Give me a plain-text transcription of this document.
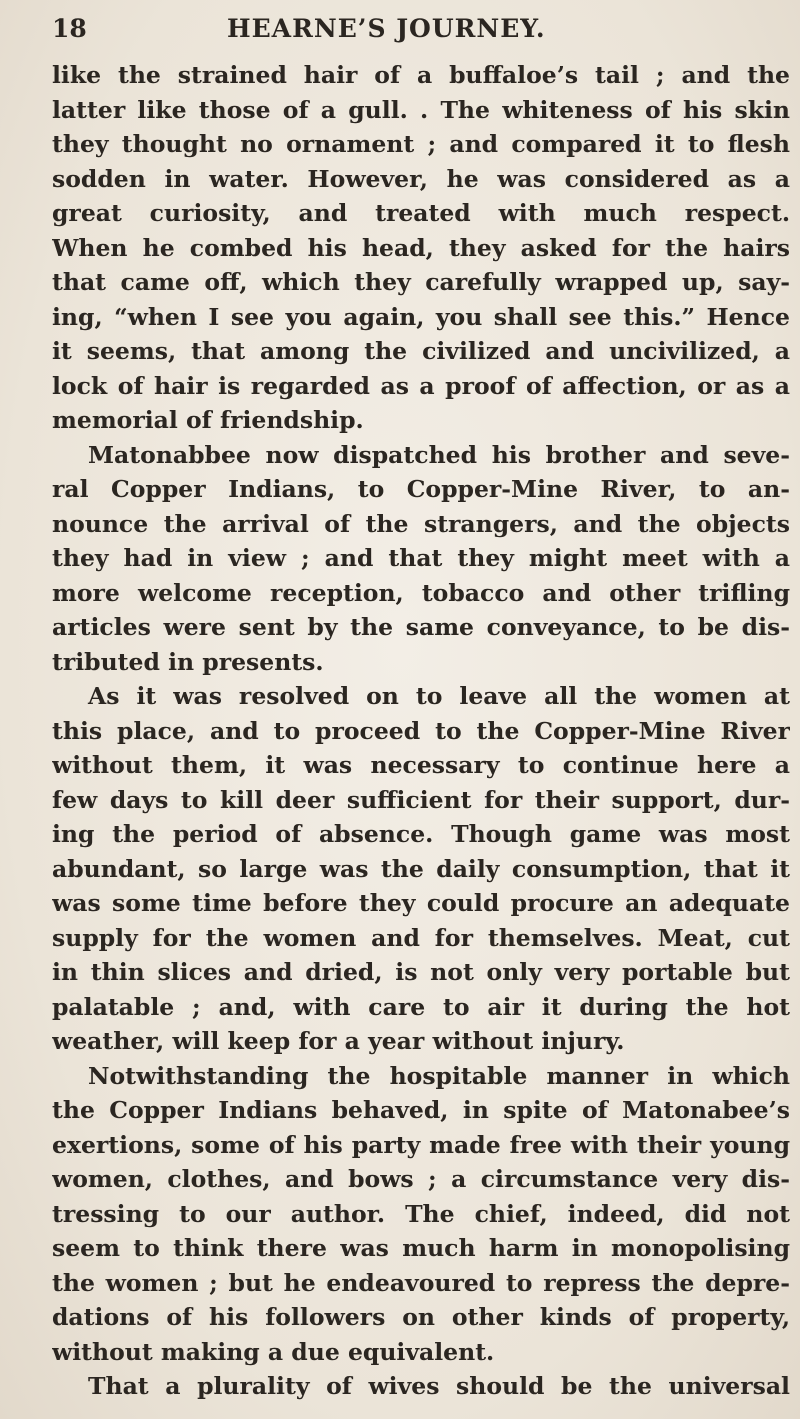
18	HEARNE’S JOURNEY.
like the strained hair of a buffaloe’s tail ; and the
latter like those of a gull. . The whiteness of his skin
they thought no ornament ; and compared it to flesh
sodden in water. However, he was considered as a
great curiosity, and treated with much respect.
When he combed his head, they asked for the hairs
that came off, which they carefully wrapped up, say-
ing, “when I see you again, you shall see this.” Hence
it seems, that among the civilized and uncivilized, a
lock of hair is regarded as a proof of affection, or as a
memorial of friendship.
Matonabbee now dispatched his brother and seve-
ral Copper Indians, to Copper-Mine River, to an-
nounce the arrival of the strangers, and the objects
they had in view ; and that they might meet with a
more welcome reception, tobacco and other trifling
articles were sent by the same conveyance, to be dis-
tributed in presents.
As it was resolved on to leave all the women at
this place, and to proceed to the Copper-Mine River
without them, it was necessary to continue here a
few days to kill deer sufficient for their support, dur-
ing the period of absence. Though game was most
abundant, so large was the daily consumption, that it
was some time before they could procure an adequate
supply for the women and for themselves. Meat, cut
in thin slices and dried, is not only very portable but
palatable ; and, with care to air it during the hot
weather, will keep for a year without injury.
Notwithstanding the hospitable manner in which
the Copper Indians behaved, in spite of Matonabee’s
exertions, some of his party made free with their young
women, clothes, and bows ; a circumstance very dis-
tressing to our author. The chief, indeed, did not
seem to think there was much harm in monopolising
the women ; but he endeavoured to repress the depre-
dations of his followers on other kinds of property,
without making a due equivalent.
That a plurality of wives should be the universal
